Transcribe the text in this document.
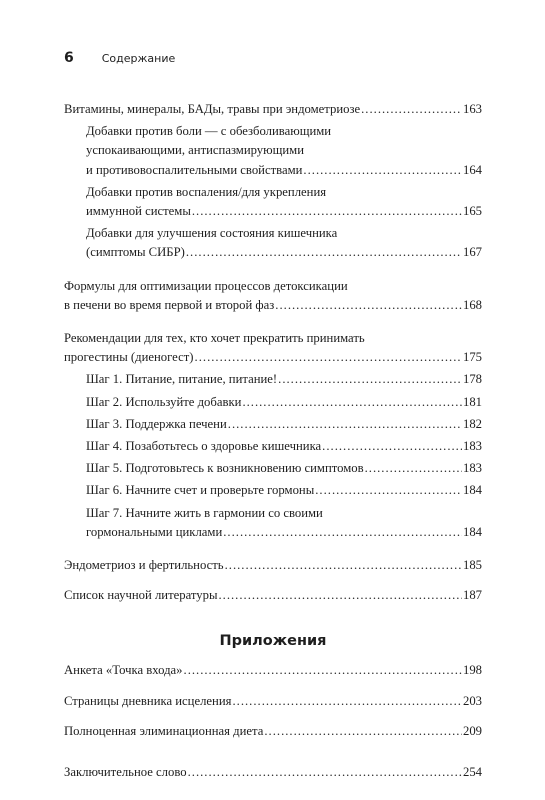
6	Содержание
Витамины, минералы, БАДы, травы при эндометриозе .....	163
Добавки против боли — с обезболивающими
успокаивающими, антиспазмирующими
и противовоспалительными свойствами .....	164
Добавки против воспаления/для укрепления
иммунной системы .....	165
Добавки для улучшения состояния кишечника
(симптомы СИБР) .....	167
Формулы для оптимизации процессов детоксикации
в печени во время первой и второй фаз .....	168
Рекомендации для тех, кто хочет прекратить принимать
прогестины (диеногест) .....	175
Шаг 1. Питание, питание, питание! .....	178
Шаг 2. Используйте добавки .....	181
Шаг 3. Поддержка печени .....	182
Шаг 4. Позаботьтесь о здоровье кишечника .....	183
Шаг 5. Подготовьтесь к возникновению симптомов .....	183
Шаг 6. Начните счет и проверьте гормоны .....	184
Шаг 7. Начните жить в гармонии со своими
гормональными циклами .....	184
Эндометриоз и фертильность .....	185
Список научной литературы .....	187
Приложения
Анкета «Точка входа» .....	198
Страницы дневника исцеления .....	203
Полноценная элиминационная диета .....	209
Заключительное слово .....	254
